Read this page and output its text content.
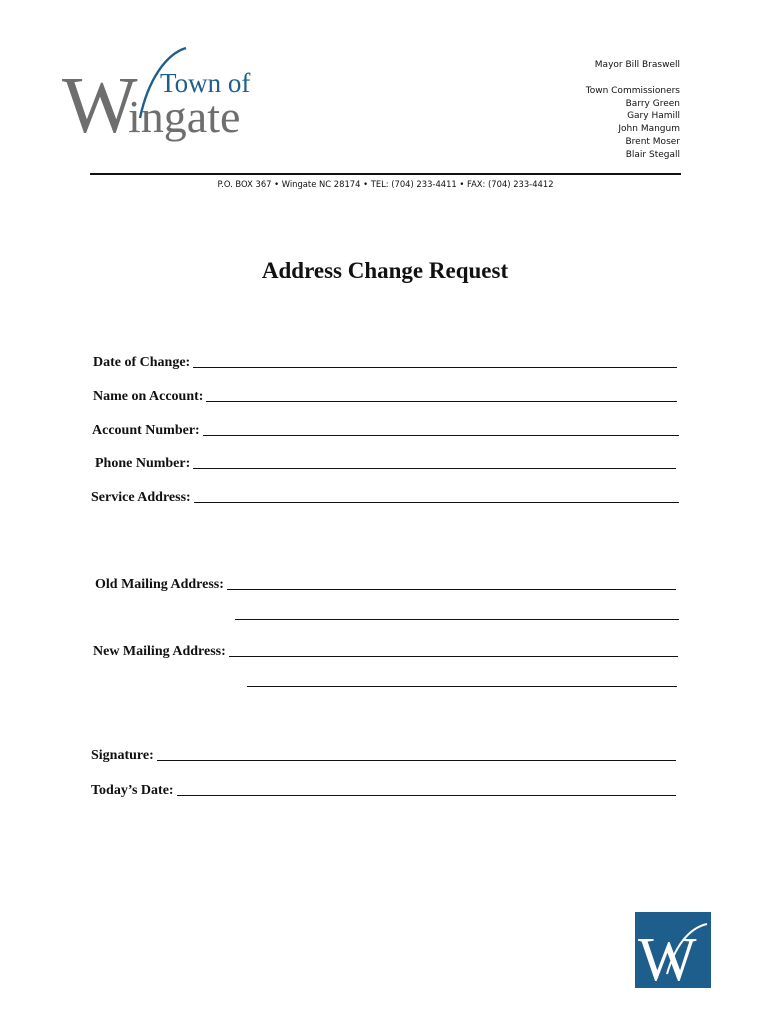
W Town of
ingate
Mayor Bill Braswell
Town Commissioners
Barry Green
Gary Hamill
John Mangum
Brent Moser
Blair Stegall
P.O. BOX 367 • Wingate NC 28174 • TEL: (704) 233-4411 • FAX: (704) 233-4412
Address Change Request
Date of Change:
Name on Account:
Account Number:
Phone Number:
Service Address:
Old Mailing Address:
New Mailing Address:
Signature:
Today’s Date:
W
